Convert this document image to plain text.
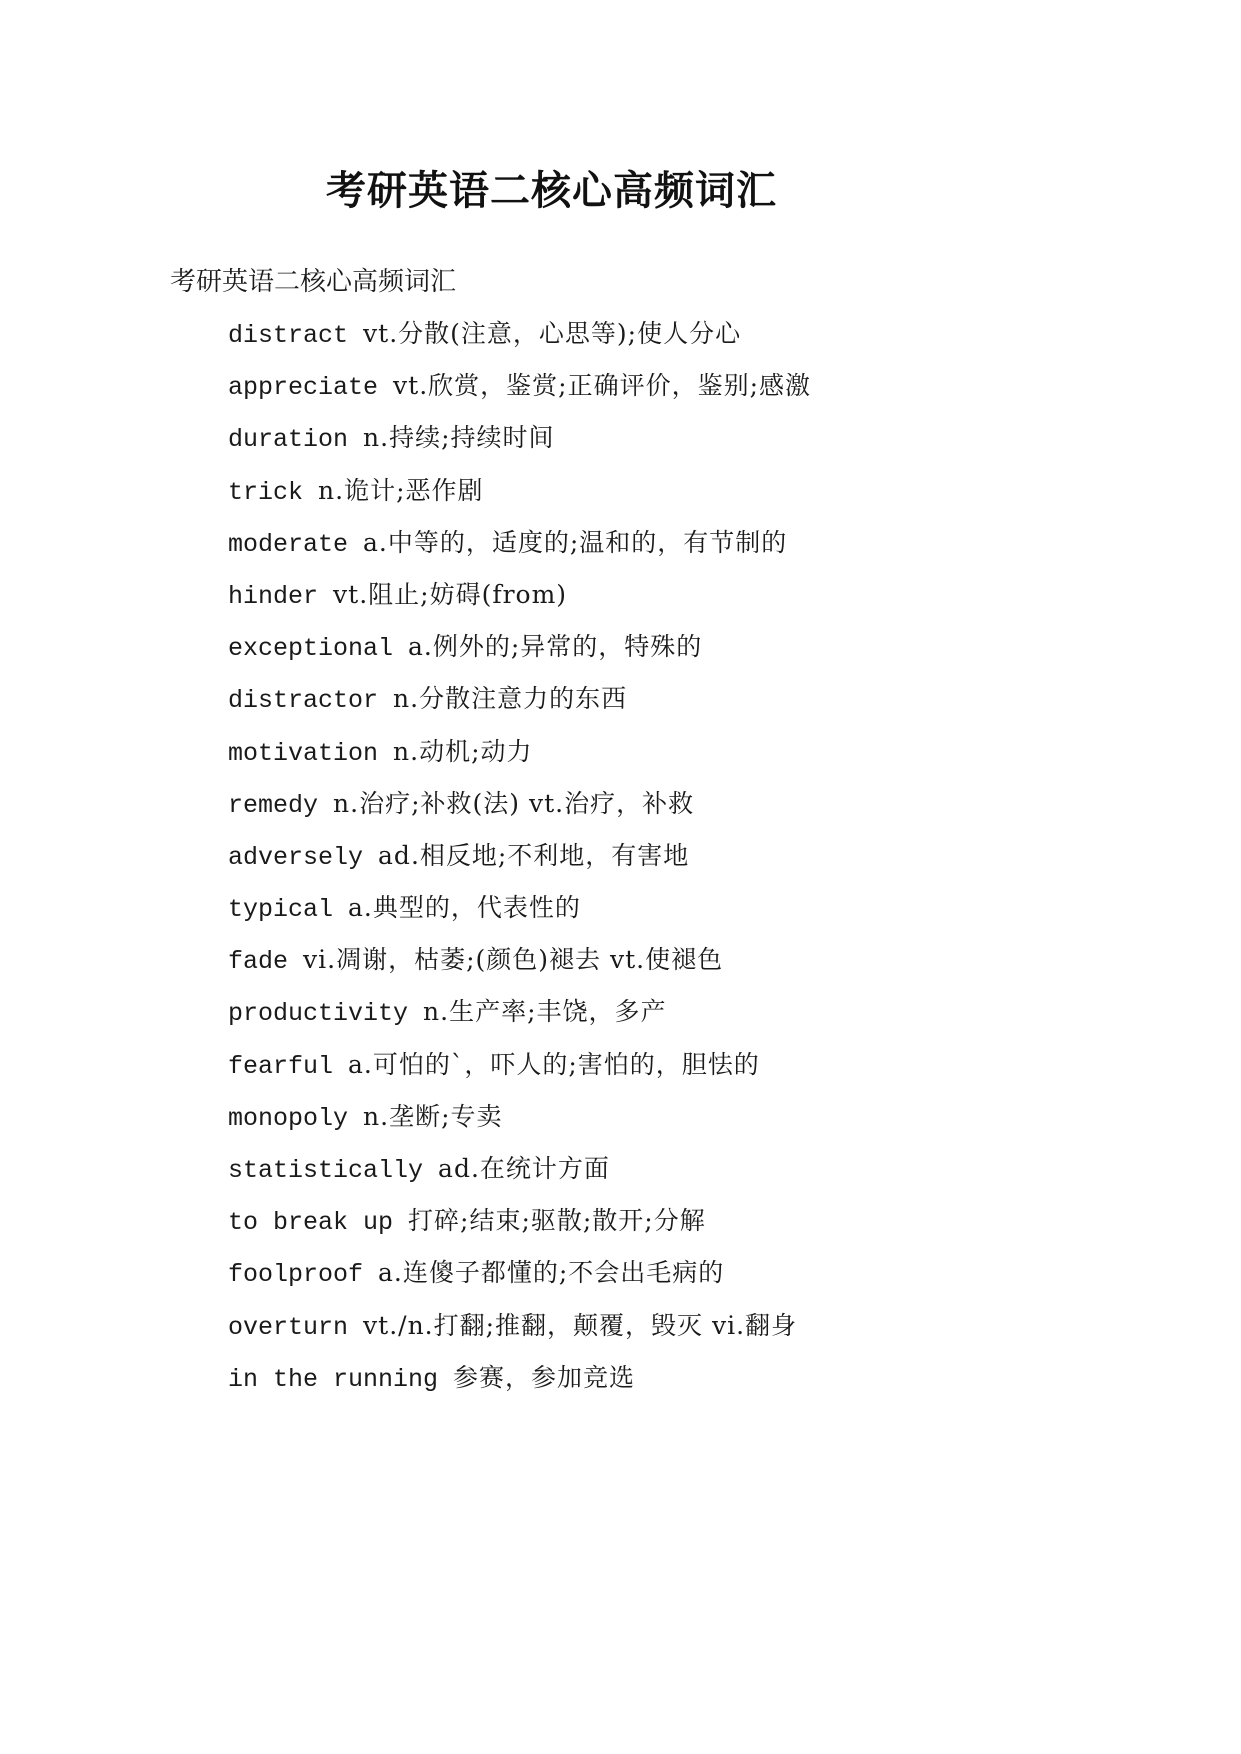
考研英语二核心高频词汇
考研英语二核心高频词汇
distract vt.分散(注意，心思等);使人分心
appreciate vt.欣赏，鉴赏;正确评价，鉴别;感激
duration n.持续;持续时间
trick n.诡计;恶作剧
moderate a.中等的，适度的;温和的，有节制的
hinder vt.阻止;妨碍(from)
exceptional a.例外的;异常的，特殊的
distractor n.分散注意力的东西
motivation n.动机;动力
remedy n.治疗;补救(法) vt.治疗，补救
adversely ad.相反地;不利地，有害地
typical a.典型的，代表性的
fade vi.凋谢，枯萎;(颜色)褪去 vt.使褪色
productivity n.生产率;丰饶，多产
fearful a.可怕的`，吓人的;害怕的，胆怯的
monopoly n.垄断;专卖
statistically ad.在统计方面
to break up 打碎;结束;驱散;散开;分解
foolproof a.连傻子都懂的;不会出毛病的
overturn vt./n.打翻;推翻，颠覆，毁灭 vi.翻身
in the running 参赛，参加竞选
